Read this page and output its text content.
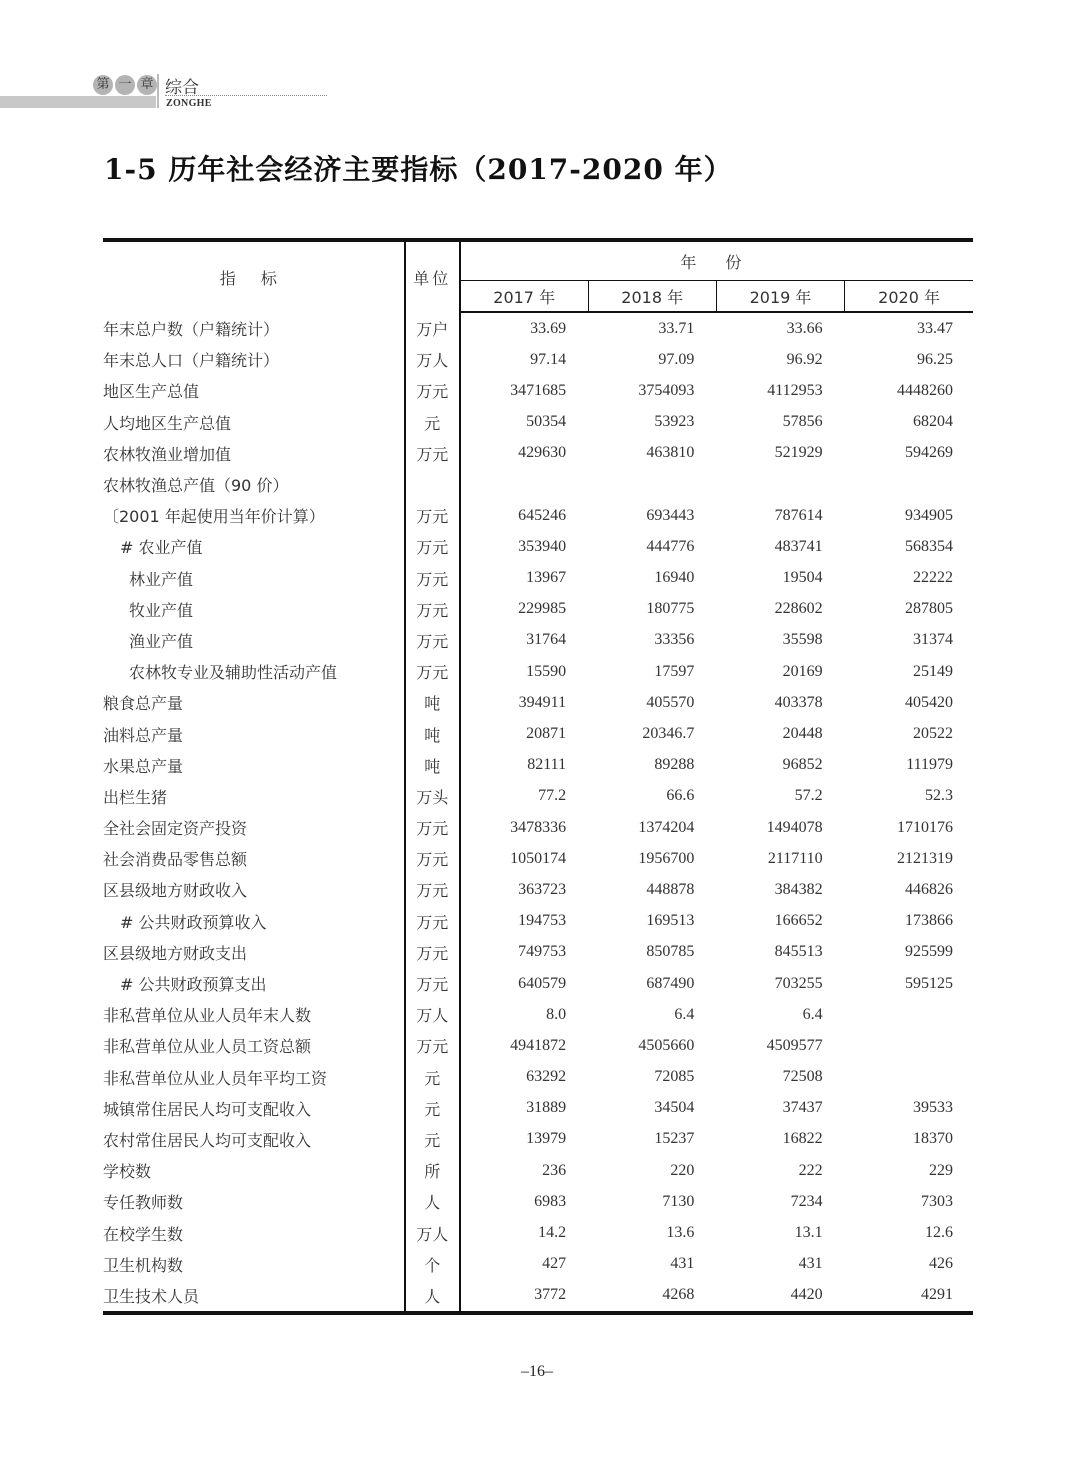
第 一 章 综合
ZONGHE
1-5 历年社会经济主要指标（2017-2020 年）
指 标	单位	年 份			
		2017 年	2018 年	2019 年	2020 年
年末总户数（户籍统计）	万户	33.69	33.71	33.66	33.47
年末总人口（户籍统计）	万人	97.14	97.09	96.92	96.25
地区生产总值	万元	3471685	3754093	4112953	4448260
人均地区生产总值	元	50354	53923	57856	68204
农林牧渔业增加值	万元	429630	463810	521929	594269
农林牧渔总产值（90 价）					
〔2001 年起使用当年价计算）	万元	645246	693443	787614	934905
# 农业产值	万元	353940	444776	483741	568354
林业产值	万元	13967	16940	19504	22222
牧业产值	万元	229985	180775	228602	287805
渔业产值	万元	31764	33356	35598	31374
农林牧专业及辅助性活动产值	万元	15590	17597	20169	25149
粮食总产量	吨	394911	405570	403378	405420
油料总产量	吨	20871	20346.7	20448	20522
水果总产量	吨	82111	89288	96852	111979
出栏生猪	万头	77.2	66.6	57.2	52.3
全社会固定资产投资	万元	3478336	1374204	1494078	1710176
社会消费品零售总额	万元	1050174	1956700	2117110	2121319
区县级地方财政收入	万元	363723	448878	384382	446826
# 公共财政预算收入	万元	194753	169513	166652	173866
区县级地方财政支出	万元	749753	850785	845513	925599
# 公共财政预算支出	万元	640579	687490	703255	595125
非私营单位从业人员年末人数	万人	8.0	6.4	6.4	
非私营单位从业人员工资总额	万元	4941872	4505660	4509577	
非私营单位从业人员年平均工资	元	63292	72085	72508	
城镇常住居民人均可支配收入	元	31889	34504	37437	39533
农村常住居民人均可支配收入	元	13979	15237	16822	18370
学校数	所	236	220	222	229
专任教师数	人	6983	7130	7234	7303
在校学生数	万人	14.2	13.6	13.1	12.6
卫生机构数	个	427	431	431	426
卫生技术人员	人	3772	4268	4420	4291
–16–
